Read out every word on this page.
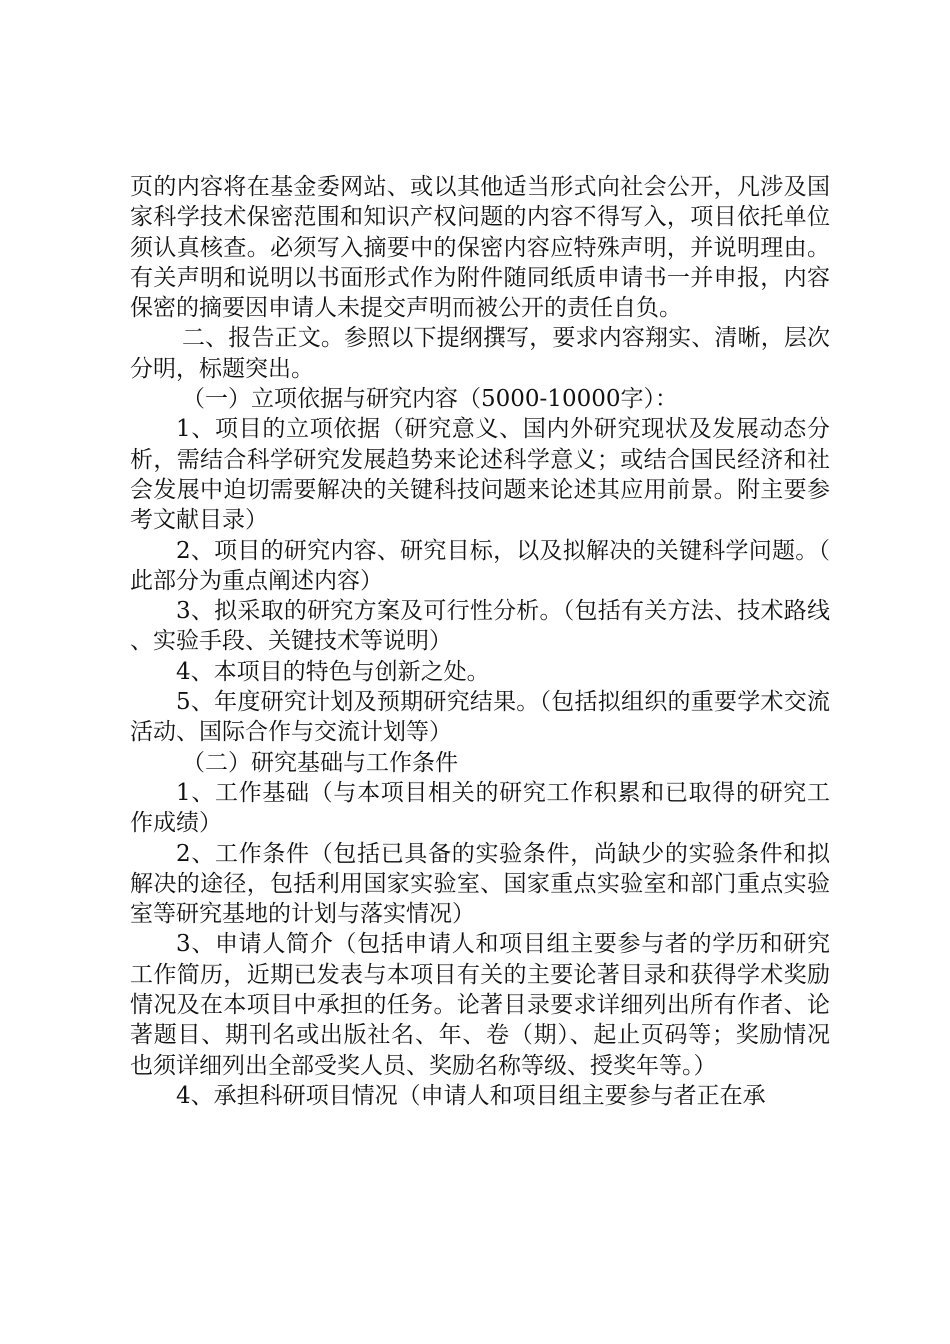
页的内容将在基金委网站、或以其他适当形式向社会公开，凡涉及国家科学技术保密范围和知识产权问题的内容不得写入，项目依托单位须认真核查。必须写入摘要中的保密内容应特殊声明，并说明理由。有关声明和说明以书面形式作为附件随同纸质申请书一并申报，内容保密的摘要因申请人未提交声明而被公开的责任自负。

二、报告正文。参照以下提纲撰写，要求内容翔实、清晰，层次分明，标题突出。

（一）立项依据与研究内容（5000-10000字）：

1、项目的立项依据（研究意义、国内外研究现状及发展动态分析，需结合科学研究发展趋势来论述科学意义；或结合国民经济和社会发展中迫切需要解决的关键科技问题来论述其应用前景。附主要参考文献目录）

2、项目的研究内容、研究目标，以及拟解决的关键科学问题。（此部分为重点阐述内容）

3、拟采取的研究方案及可行性分析。（包括有关方法、技术路线、实验手段、关键技术等说明）

4、本项目的特色与创新之处。

5、年度研究计划及预期研究结果。（包括拟组织的重要学术交流活动、国际合作与交流计划等）

（二）研究基础与工作条件

1、工作基础（与本项目相关的研究工作积累和已取得的研究工作成绩）

2、工作条件（包括已具备的实验条件，尚缺少的实验条件和拟解决的途径，包括利用国家实验室、国家重点实验室和部门重点实验室等研究基地的计划与落实情况）

3、申请人简介（包括申请人和项目组主要参与者的学历和研究工作简历，近期已发表与本项目有关的主要论著目录和获得学术奖励情况及在本项目中承担的任务。论著目录要求详细列出所有作者、论著题目、期刊名或出版社名、年、卷（期）、起止页码等；奖励情况也须详细列出全部受奖人员、奖励名称等级、授奖年等。）

4、承担科研项目情况（申请人和项目组主要参与者正在承
